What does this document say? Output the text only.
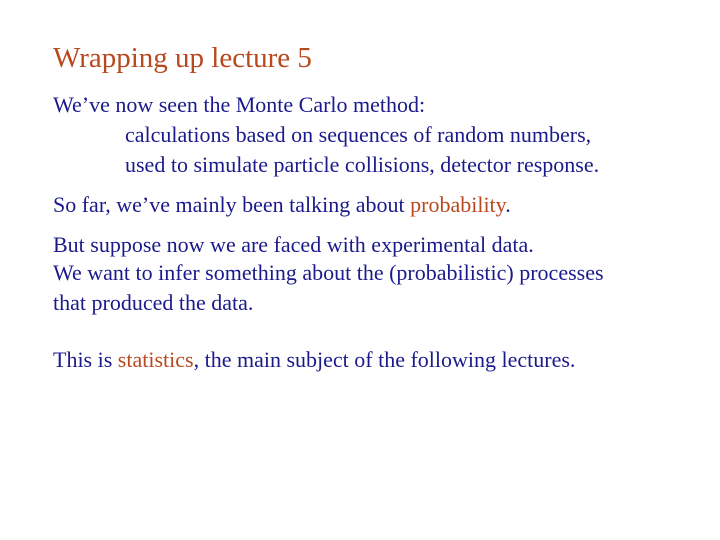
Wrapping up lecture 5

We’ve now seen the Monte Carlo method:

calculations based on sequences of random numbers,

used to simulate particle collisions, detector response.

So far, we’ve mainly been talking about probability.

But suppose now we are faced with experimental data.

We want to infer something about the (probabilistic) processes

that produced the data.

This is statistics, the main subject of the following lectures.
